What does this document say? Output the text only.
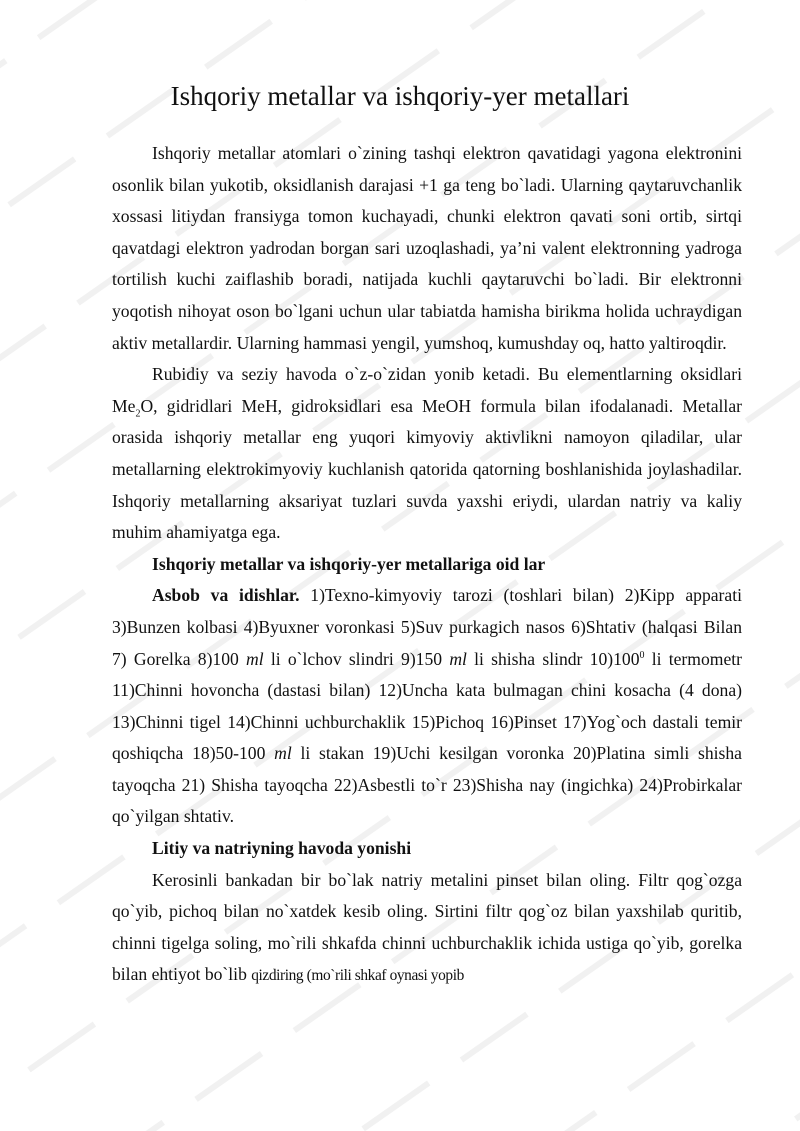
Ishqoriy metallar va ishqoriy-yer metallari

Ishqoriy metallar atomlari o`zining tashqi elektron qavatidagi yagona elektronini osonlik bilan yukotib, oksidlanish darajasi +1 ga teng bo`ladi. Ularning qaytaruvchanlik xossasi litiydan fransiyga tomon kuchayadi, chunki elektron qavati soni ortib, sirtqi qavatdagi elektron yadrodan borgan sari uzoqlashadi, ya’ni valent elektronning yadroga tortilish kuchi zaiflashib boradi, natijada kuchli qaytaruvchi bo`ladi. Bir elektronni yoqotish nihoyat oson bo`lgani uchun ular tabiatda hamisha birikma holida uchraydigan aktiv metallardir. Ularning hammasi yengil, yumshoq, kumushday oq, hatto yaltiroqdir.

Rubidiy va seziy havoda o`z-o`zidan yonib ketadi. Bu elementlarning oksidlari $Me_2O$, gidridlari MeH, gidroksidlari esa MeOH formula bilan ifodalanadi. Metallar orasida ishqoriy metallar eng yuqori kimyoviy aktivlikni namoyon qiladilar, ular metallarning elektrokimyoviy kuchlanish qatorida qatorning boshlanishida joylashadilar. Ishqoriy metallarning aksariyat tuzlari suvda yaxshi eriydi, ulardan natriy va kaliy muhim ahamiyatga ega.

Ishqoriy metallar va ishqoriy-yer metallariga oid lar

Asbob va idishlar. 1)Texno-kimyoviy tarozi (toshlari bilan) 2)Kipp apparati 3)Bunzen kolbasi 4)Byuxner voronkasi 5)Suv purkagich nasos 6)Shtativ (halqasi Bilan 7) Gorelka 8)100 ml li o`lchov slindri 9)150 ml li shisha slindr $10)100^0$ li termometr 11)Chinni hovoncha (dastasi bilan) 12)Uncha kata bulmagan chini kosacha (4 dona) 13)Chinni tigel 14)Chinni uchburchaklik 15)Pichoq 16)Pinset 17)Yog`och dastali temir qoshiqcha 18)50-100 ml li stakan 19)Uchi kesilgan voronka 20)Platina simli shisha tayoqcha 21) Shisha tayoqcha 22)Asbestli to`r 23)Shisha nay (ingichka) 24)Probirkalar qo`yilgan shtativ.

Litiy va natriyning havoda yonishi

Kerosinli bankadan bir bo`lak natriy metalini pinset bilan oling. Filtr qog`ozga qo`yib, pichoq bilan no`xatdek kesib oling. Sirtini filtr qog`oz bilan yaxshilab quritib, chinni tigelga soling, mo`rili shkafda chinni uchburchaklik ichida ustiga qo`yib, gorelka bilan ehtiyot bo`lib qizdiring (mo`rili shkaf oynasi yopib
